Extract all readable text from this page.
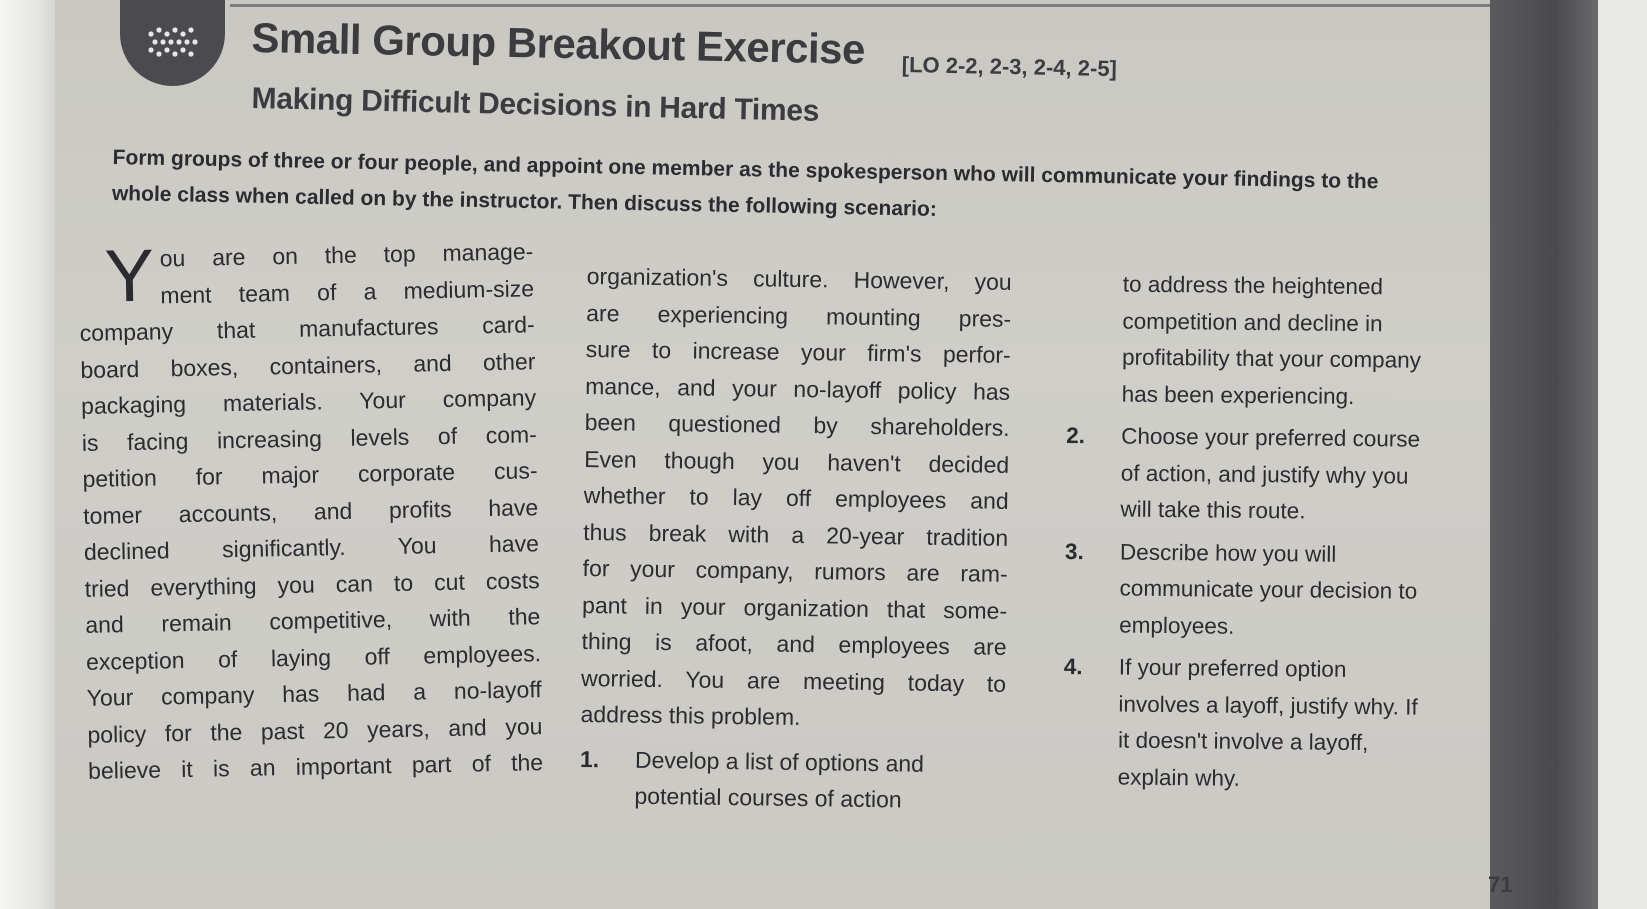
Small Group Breakout Exercise [LO 2-2, 2-3, 2-4, 2-5]
Making Difficult Decisions in Hard Times
Form groups of three or four people, and appoint one member as the spokesperson who will communicate your findings to the whole class when called on by the instructor. Then discuss the following scenario:
Y ou are on the top manage-
ment team of a medium-size
company that manufactures card-
board boxes, containers, and other
packaging materials. Your company
is facing increasing levels of com-
petition for major corporate cus-
tomer accounts, and profits have
declined significantly. You have
tried everything you can to cut costs
and remain competitive, with the
exception of laying off employees.
Your company has had a no-layoff
policy for the past 20 years, and you
believe it is an important part of the
organization's culture. However, you
are experiencing mounting pres-
sure to increase your firm's perfor-
mance, and your no-layoff policy has
been questioned by shareholders.
Even though you haven't decided
whether to lay off employees and
thus break with a 20-year tradition
for your company, rumors are ram-
pant in your organization that some-
thing is afoot, and employees are
worried. You are meeting today to
address this problem.
1. Develop a list of options and
potential courses of action
to address the heightened
competition and decline in
profitability that your company
has been experiencing.
2. Choose your preferred course
of action, and justify why you
will take this route.
3. Describe how you will
communicate your decision to
employees.
4. If your preferred option
involves a layoff, justify why. If
it doesn't involve a layoff,
explain why.
71
